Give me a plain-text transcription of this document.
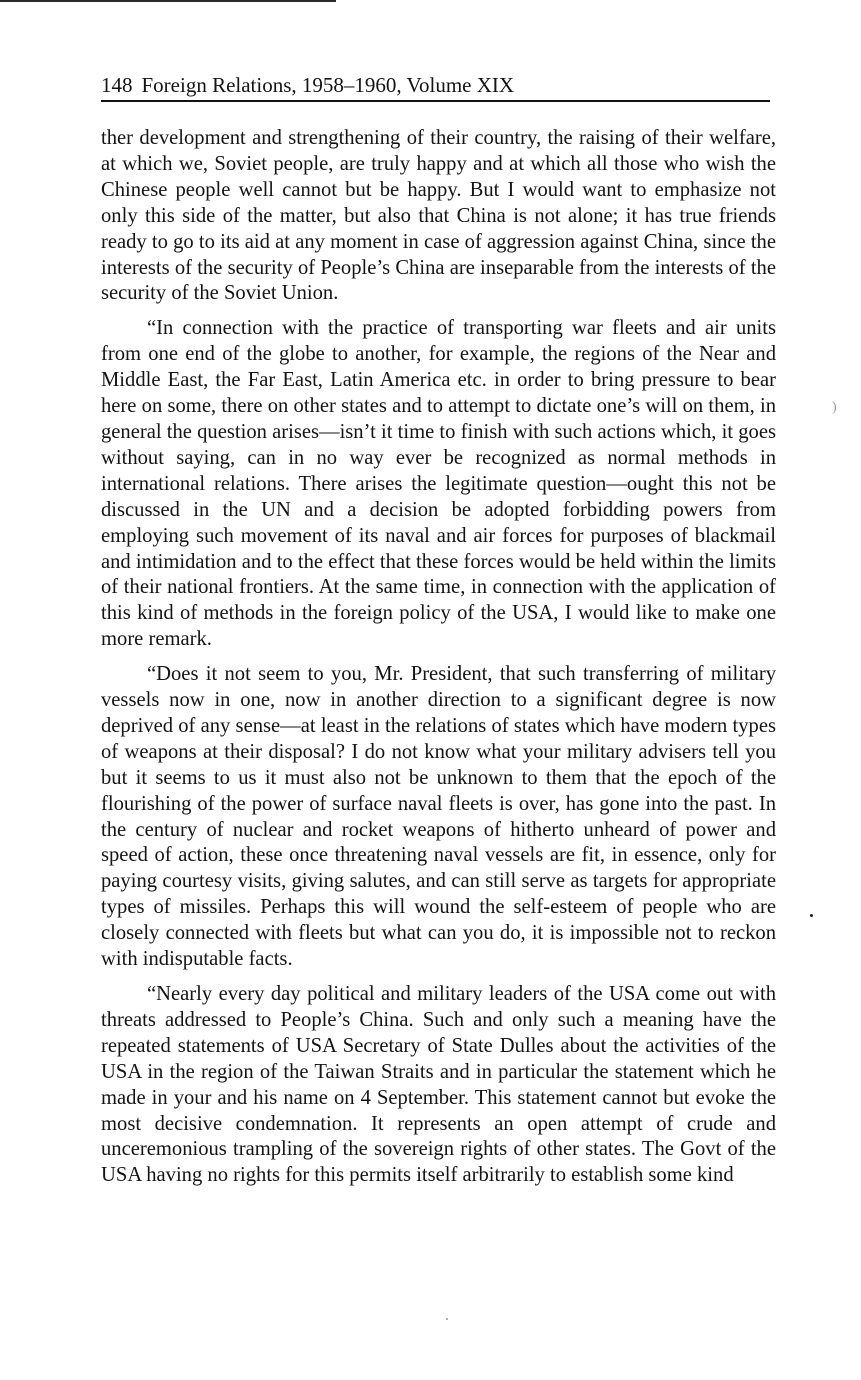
148 Foreign Relations, 1958–1960, Volume XIX

ther development and strengthening of their country, the raising of their welfare, at which we, Soviet people, are truly happy and at which all those who wish the Chinese people well cannot but be happy. But I would want to emphasize not only this side of the matter, but also that China is not alone; it has true friends ready to go to its aid at any moment in case of aggression against China, since the interests of the security of People’s China are inseparable from the interests of the security of the Soviet Union.

“In connection with the practice of transporting war fleets and air units from one end of the globe to another, for example, the regions of the Near and Middle East, the Far East, Latin America etc. in order to bring pressure to bear here on some, there on other states and to attempt to dictate one’s will on them, in general the question arises—isn’t it time to finish with such actions which, it goes without saying, can in no way ever be recognized as normal methods in international relations. There arises the legitimate question—ought this not be discussed in the UN and a decision be adopted forbidding powers from employing such movement of its naval and air forces for purposes of blackmail and intimidation and to the effect that these forces would be held within the limits of their national frontiers. At the same time, in connection with the application of this kind of methods in the foreign policy of the USA, I would like to make one more remark.

“Does it not seem to you, Mr. President, that such transferring of military vessels now in one, now in another direction to a significant degree is now deprived of any sense—at least in the relations of states which have modern types of weapons at their disposal? I do not know what your military advisers tell you but it seems to us it must also not be unknown to them that the epoch of the flourishing of the power of surface naval fleets is over, has gone into the past. In the century of nuclear and rocket weapons of hitherto unheard of power and speed of action, these once threatening naval vessels are fit, in essence, only for paying courtesy visits, giving salutes, and can still serve as targets for appropriate types of missiles. Perhaps this will wound the self-esteem of people who are closely connected with fleets but what can you do, it is impossible not to reckon with indisputable facts.

“Nearly every day political and military leaders of the USA come out with threats addressed to People’s China. Such and only such a meaning have the repeated statements of USA Secretary of State Dulles about the activities of the USA in the region of the Taiwan Straits and in particular the statement which he made in your and his name on 4 September. This statement cannot but evoke the most decisive condemnation. It represents an open attempt of crude and unceremonious trampling of the sovereign rights of other states. The Govt of the USA having no rights for this permits itself arbitrarily to establish some kind

)
